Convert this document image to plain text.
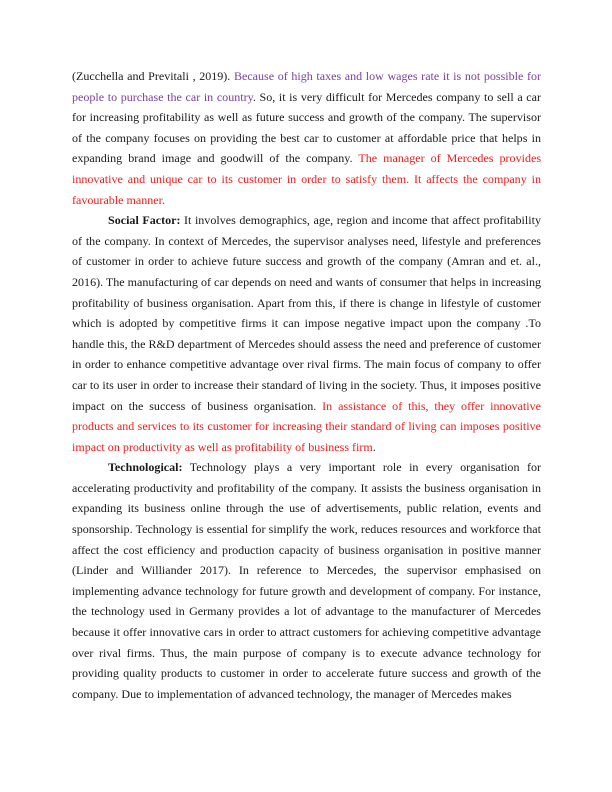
(Zucchella and Previtali , 2019). Because of high taxes and low wages rate it is not possible for people to purchase the car in country. So, it is very difficult for Mercedes company to sell a car for increasing profitability as well as future success and growth of the company. The supervisor of the company focuses on providing the best car to customer at affordable price that helps in expanding brand image and goodwill of the company. The manager of Mercedes provides innovative and unique car to its customer in order to satisfy them. It affects the company in favourable manner.

Social Factor: It involves demographics, age, region and income that affect profitability of the company. In context of Mercedes, the supervisor analyses need, lifestyle and preferences of customer in order to achieve future success and growth of the company (Amran and et. al., 2016). The manufacturing of car depends on need and wants of consumer that helps in increasing profitability of business organisation. Apart from this, if there is change in lifestyle of customer which is adopted by competitive firms it can impose negative impact upon the company .To handle this, the R&D department of Mercedes should assess the need and preference of customer in order to enhance competitive advantage over rival firms. The main focus of company to offer car to its user in order to increase their standard of living in the society. Thus, it imposes positive impact on the success of business organisation. In assistance of this, they offer innovative products and services to its customer for increasing their standard of living can imposes positive impact on productivity as well as profitability of business firm.

Technological: Technology plays a very important role in every organisation for accelerating productivity and profitability of the company. It assists the business organisation in expanding its business online through the use of advertisements, public relation, events and sponsorship. Technology is essential for simplify the work, reduces resources and workforce that affect the cost efficiency and production capacity of business organisation in positive manner (Linder and Williander 2017). In reference to Mercedes, the supervisor emphasised on implementing advance technology for future growth and development of company. For instance, the technology used in Germany provides a lot of advantage to the manufacturer of Mercedes because it offer innovative cars in order to attract customers for achieving competitive advantage over rival firms. Thus, the main purpose of company is to execute advance technology for providing quality products to customer in order to accelerate future success and growth of the company. Due to implementation of advanced technology, the manager of Mercedes makes
